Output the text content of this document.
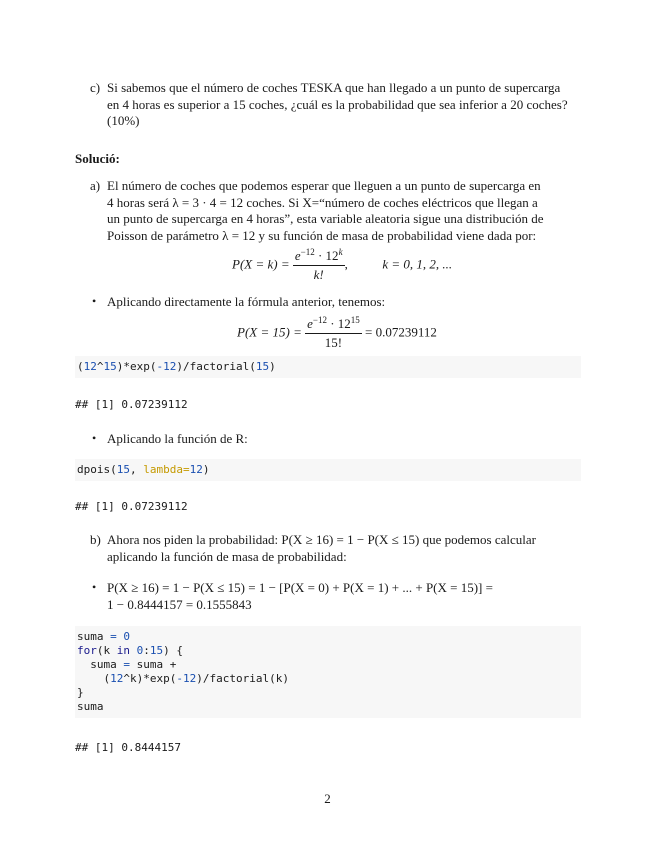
c) Si sabemos que el número de coches TESKA que han llegado a un punto de supercarga
en 4 horas es superior a 15 coches, ¿cuál es la probabilidad que sea inferior a 20 coches?
(10%)
Solució:
a) El número de coches que podemos esperar que lleguen a un punto de supercarga en
4 horas será λ = 3 · 4 = 12 coches. Si X=“número de coches eléctricos que llegan a
un punto de supercarga en 4 horas”, esta variable aleatoria sigue una distribución de
Poisson de parámetro λ = 12 y su función de masa de probabilidad viene dada por:
$P(X = k) = \frac{e^{-12} \cdot 12^k}{k!}$ ,	k = 0, 1, 2, ...
• Aplicando directamente la fórmula anterior, tenemos:
$P(X = 15) = \frac{e^{-12} \cdot 12^{15}}{15!} = 0.07239112$
(12^15)*exp(-12)/factorial(15)
## [1] 0.07239112
• Aplicando la función de R:
dpois(15, lambda=12)
## [1] 0.07239112
b) Ahora nos piden la probabilidad: P(X ≥ 16) = 1 − P(X ≤ 15) que podemos calcular
aplicando la función de masa de probabilidad:
• P(X ≥ 16) = 1 − P(X ≤ 15) = 1 − [P(X = 0) + P(X = 1) + ... + P(X = 15)] =
1 − 0.8444157 = 0.1555843
suma = 0
for(k in 0:15) {
suma = suma +
(12^k)*exp(-12)/factorial(k)
}
suma
## [1] 0.8444157
2
